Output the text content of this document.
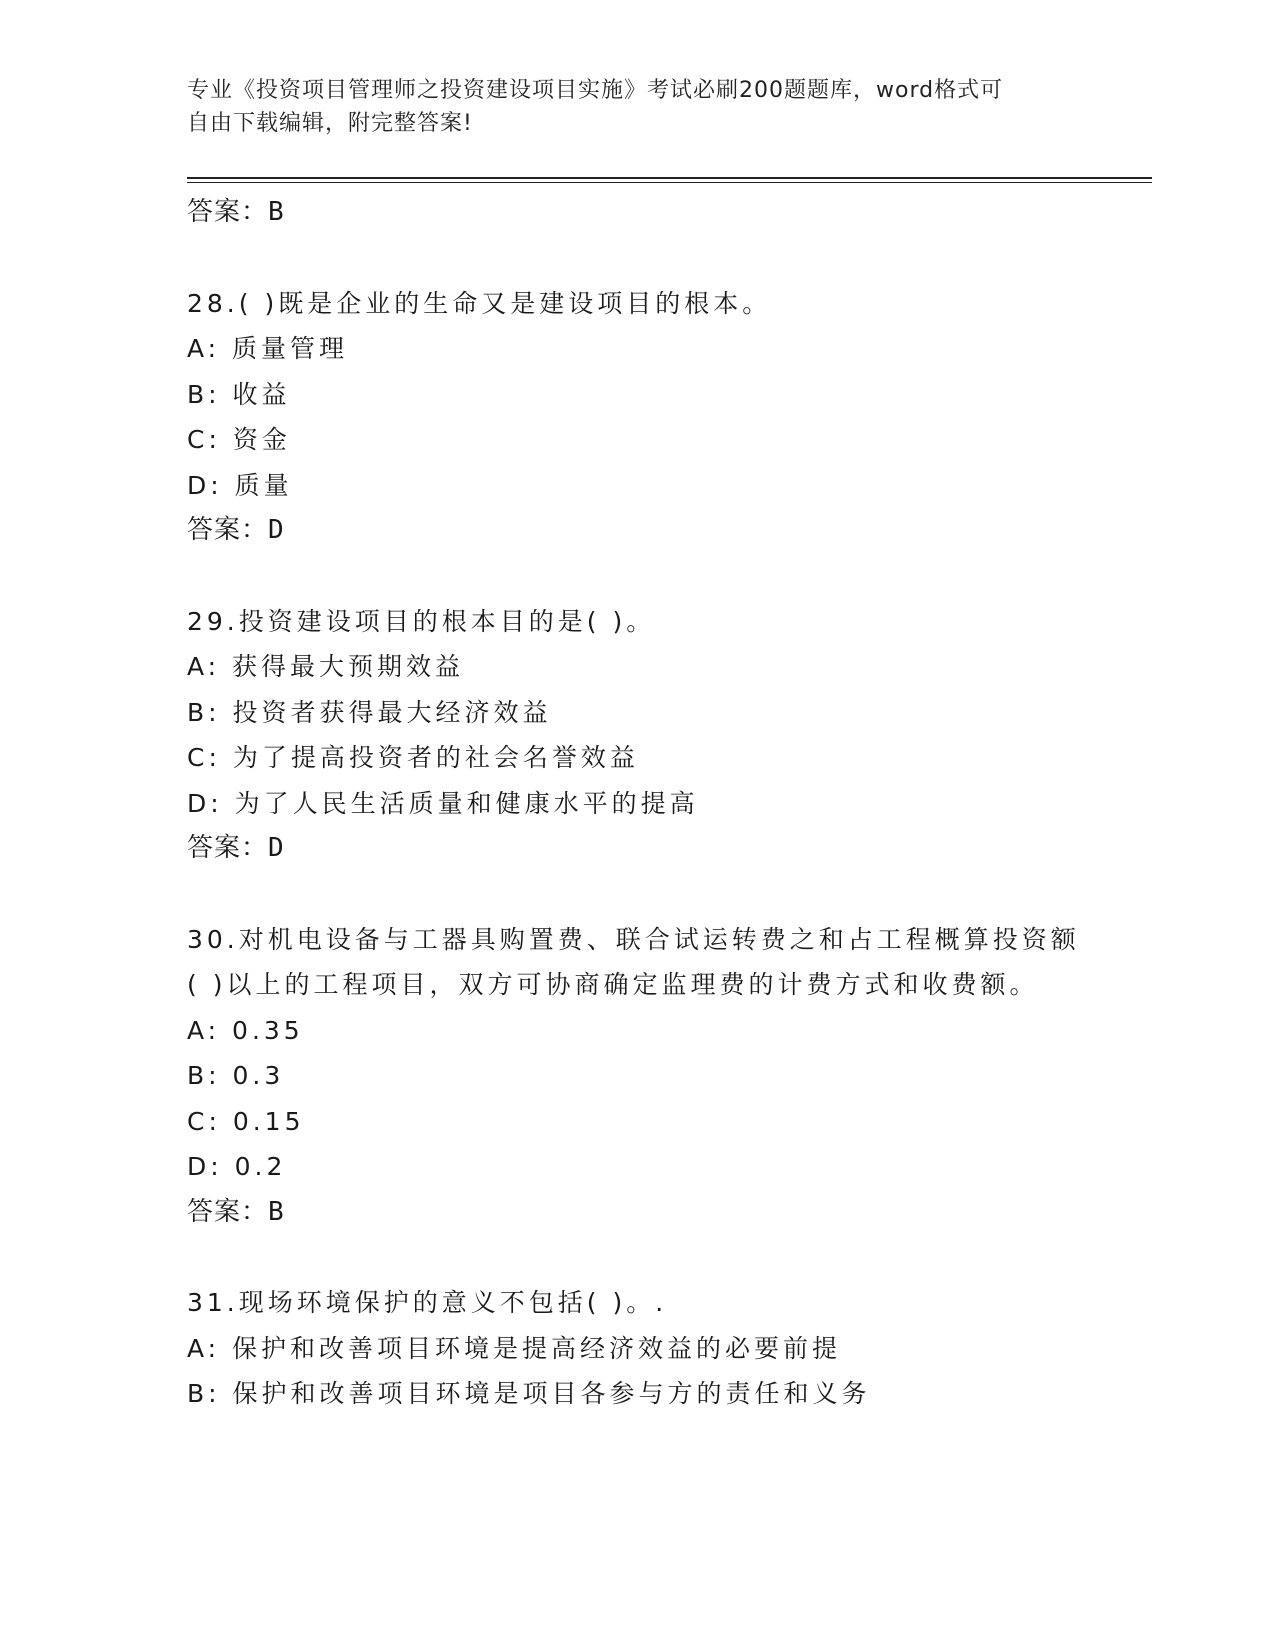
专业《投资项目管理师之投资建设项目实施》考试必刷200题题库，word格式可
自由下载编辑，附完整答案!
答案：B
28.( )既是企业的生命又是建设项目的根本。
A: 质量管理
B: 收益
C: 资金
D: 质量
答案：D
29.投资建设项目的根本目的是( )。
A: 获得最大预期效益
B: 投资者获得最大经济效益
C: 为了提高投资者的社会名誉效益
D: 为了人民生活质量和健康水平的提高
答案：D
30.对机电设备与工器具购置费、联合试运转费之和占工程概算投资额
( )以上的工程项目，双方可协商确定监理费的计费方式和收费额。
A: 0.35
B: 0.3
C: 0.15
D: 0.2
答案：B
31.现场环境保护的意义不包括( )。.
A: 保护和改善项目环境是提高经济效益的必要前提
B: 保护和改善项目环境是项目各参与方的责任和义务
